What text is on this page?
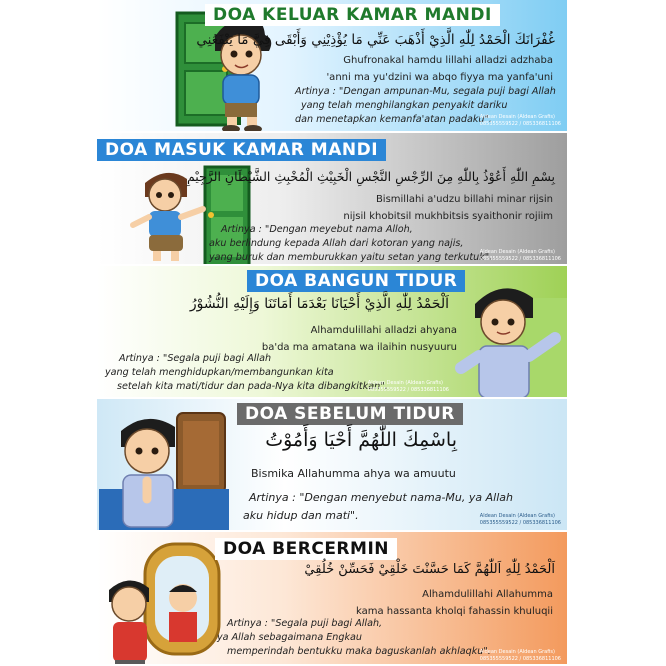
DOA KELUAR KAMAR MANDI
غُفْرَانَكَ الْحَمْدُ لِلّٰهِ الَّذِيْ أَذْهَبَ عَنِّي مَا يُؤْذِيْنِي وَأَبْقَى فِيَّ مَا يَنْفَعُنِي
Ghufronakal hamdu lillahi alladzi adzhaba
'anni ma yu'dzini wa abqo fiyya ma yanfa'uni
Artinya : "Dengan ampunan-Mu, segala puji bagi Allah
yang telah menghilangkan penyakit dariku
dan menetapkan kemanfa'atan padaku".
Aldean Desain (Aldean Grafis)
085355559522 / 085336811106
DOA MASUK KAMAR MANDI
بِسْمِ اللّٰهِ أَعُوْذُ بِاللّٰهِ مِنَ الرِّجْسِ النَّجْسِ الْخَبِيْثِ الْمُخْبِثِ الشَّيْطَانِ الرَّجِيْمِ
Bismillahi a'udzu billahi minar rijsin
nijsil khobitsil mukhbitsis syaithonir rojiim
Artinya : "Dengan meyebut nama Alloh,
aku berlindung kepada Allah dari kotoran yang najis,
yang buruk dan memburukkan yaitu setan yang terkutuk".
Aldean Desain (Aldean Grafis)
085355559522 / 085336811106
DOA BANGUN TIDUR
اَلْحَمْدُ لِلّٰهِ الَّذِيْ أَحْيَانَا بَعْدَمَا أَمَاتَنَا وَإِلَيْهِ النُّشُوْرُ
Alhamdulillahi alladzi ahyana
ba'da ma amatana wa ilaihin nusyuuru
Artinya : "Segala puji bagi Allah
yang telah menghidupkan/membangunkan kita
setelah kita mati/tidur dan pada-Nya kita dibangkitkan".
Aldean Desain (Aldean Grafis)
085355559522 / 085336811106
DOA SEBELUM TIDUR
بِاسْمِكَ اللّٰهُمَّ أَحْيَا وَأَمُوْتُ
Bismika Allahumma ahya wa amuutu
Artinya : "Dengan menyebut nama-Mu, ya Allah
aku hidup dan mati".	Aldean Desain (Aldean Grafis)
085355559522 / 085336811106
DOA BERCERMIN
اَلْحَمْدُ لِلّٰهِ اَللّٰهُمَّ كَمَا حَسَّنْتَ خَلْقِيْ فَحَسِّنْ خُلُقِيْ
Alhamdulillahi Allahumma
kama hassanta kholqi fahassin khuluqii
Artinya : "Segala puji bagi Allah,
ya Allah sebagaimana Engkau
memperindah bentukku maka baguskanlah akhlaqku".
Aldean Desain (Aldean Grafis)
085355559522 / 085336811106
